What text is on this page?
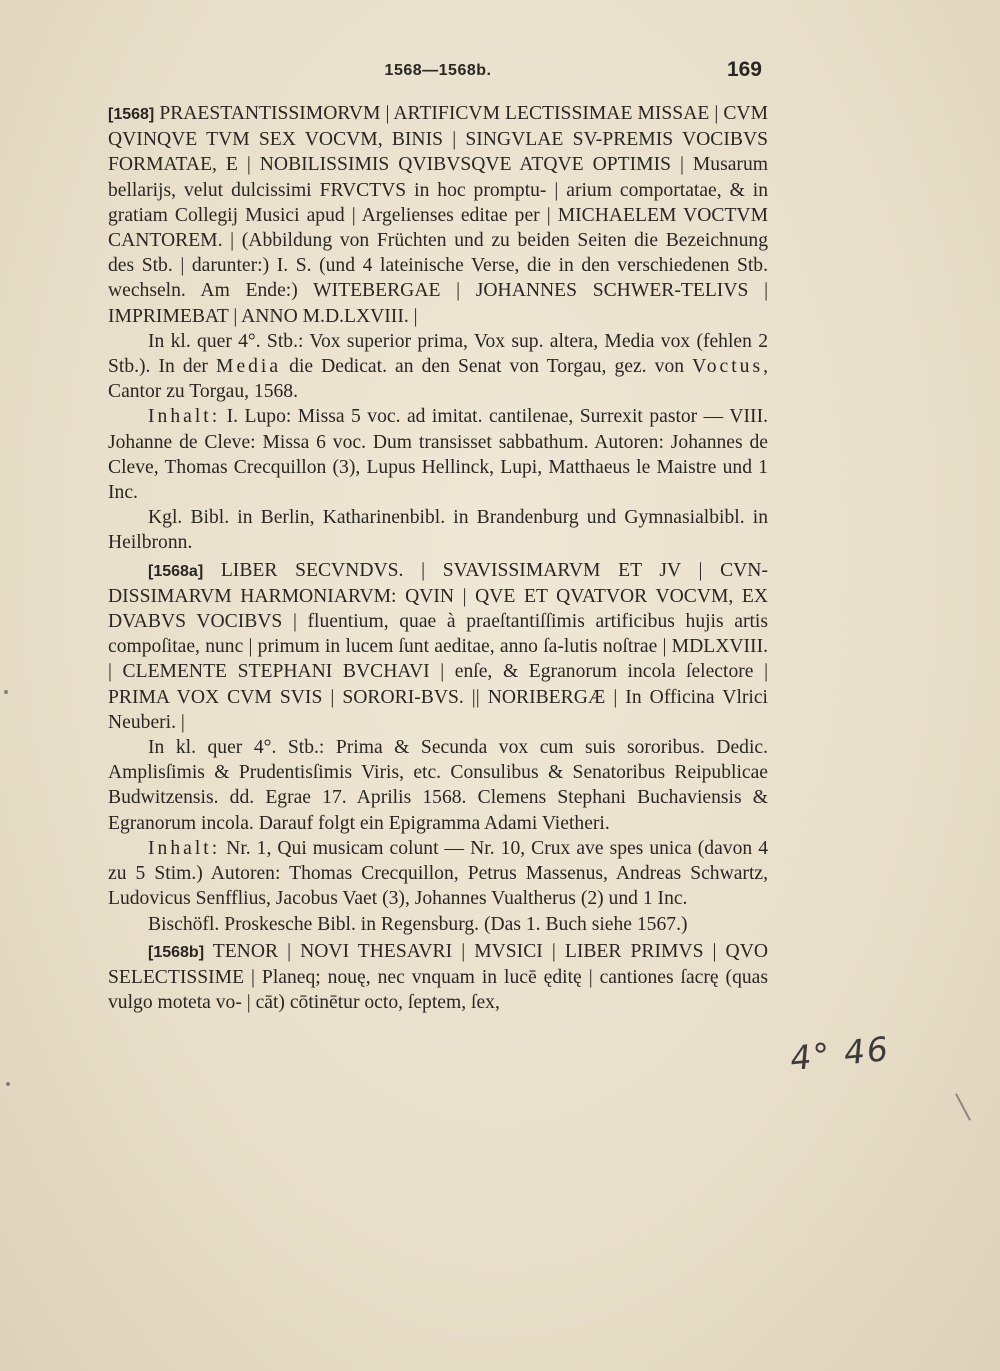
1568—1568b.	169

[1568] PRAESTANTISSIMORVM | ARTIFICVM LECTISSIMAE MISSAE | CVM QVINQVE TVM SEX VOCVM, BINIS | SINGVLAE SV-PREMIS VOCIBVS FORMATAE, E | NOBILISSIMIS QVIBVSQVE ATQVE OPTIMIS | Musarum bellarijs, velut dulcissimi FRVCTVS in hoc promptu- | arium comportatae, & in gratiam Collegij Musici apud | Argelienses editae per | MICHAELEM VOCTVM CANTOREM. | (Abbildung von Früchten und zu beiden Seiten die Bezeichnung des Stb. | darunter:) I. S. (und 4 lateinische Verse, die in den verschiedenen Stb. wechseln. Am Ende:) WITEBERGAE | JOHANNES SCHWER-TELIVS | IMPRIMEBAT | ANNO M.D.LXVIII. |

In kl. quer 4°. Stb.: Vox superior prima, Vox sup. altera, Media vox (fehlen 2 Stb.). In der Media die Dedicat. an den Senat von Torgau, gez. von Voctus, Cantor zu Torgau, 1568.

Inhalt: I. Lupo: Missa 5 voc. ad imitat. cantilenae, Surrexit pastor — VIII. Johanne de Cleve: Missa 6 voc. Dum transisset sabbathum. Autoren: Johannes de Cleve, Thomas Crecquillon (3), Lupus Hellinck, Lupi, Matthaeus le Maistre und 1 Inc.

Kgl. Bibl. in Berlin, Katharinenbibl. in Brandenburg und Gymnasialbibl. in Heilbronn.

[1568a] LIBER SECVNDVS. | SVAVISSIMARVM ET JV | CVN-DISSIMARVM HARMONIARVM: QVIN | QVE ET QVATVOR VOCVM, EX DVABVS VOCIBVS | fluentium, quae à praeſtantiſſimis artificibus hujis artis compoſitae, nunc | primum in lucem ſunt aeditae, anno ſa-lutis noſtrae | MDLXVIII. | CLEMENTE STEPHANI BVCHAVI | enſe, & Egranorum incola ſelectore | PRIMA VOX CVM SVIS | SORORI-BVS. || NORIBERGÆ | In Officina Vlrici Neuberi. |

In kl. quer 4°. Stb.: Prima & Secunda vox cum suis sororibus. Dedic. Amplisſimis & Prudentisſimis Viris, etc. Consulibus & Senatoribus Reipublicae Budwitzensis. dd. Egrae 17. Aprilis 1568. Clemens Stephani Buchaviensis & Egranorum incola. Darauf folgt ein Epigramma Adami Vietheri.

Inhalt: Nr. 1, Qui musicam colunt — Nr. 10, Crux ave spes unica (davon 4 zu 5 Stim.) Autoren: Thomas Crecquillon, Petrus Massenus, Andreas Schwartz, Ludovicus Senfflius, Jacobus Vaet (3), Johannes Vualtherus (2) und 1 Inc.

Bischöfl. Proskesche Bibl. in Regensburg. (Das 1. Buch siehe 1567.)

[1568b] TENOR | NOVI THESAVRI | MVSICI | LIBER PRIMVS | QVO SELECTISSIME | Planeq; nouę, nec vnquam in lucē ęditę | cantiones ſacrę (quas vulgo moteta vo- | cāt) cōtinētur octo, ſeptem, ſex,

4° 46
